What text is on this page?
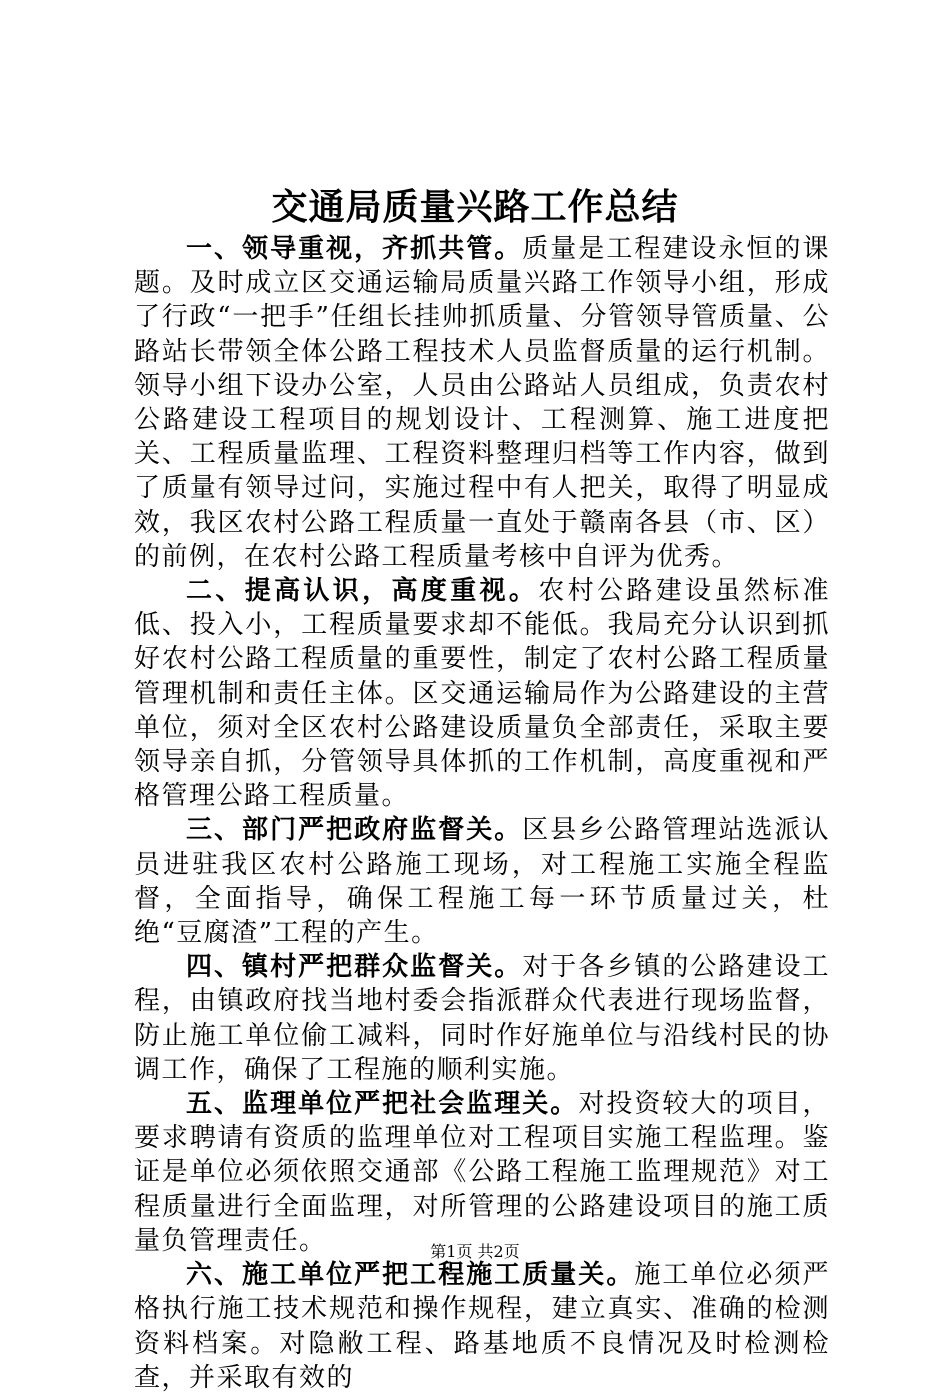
交通局质量兴路工作总结

一、领导重视，齐抓共管。质量是工程建设永恒的课题。及时成立区交通运输局质量兴路工作领导小组，形成了行政“一把手”任组长挂帅抓质量、分管领导管质量、公路站长带领全体公路工程技术人员监督质量的运行机制。领导小组下设办公室，人员由公路站人员组成，负责农村公路建设工程项目的规划设计、工程测算、施工进度把关、工程质量监理、工程资料整理归档等工作内容，做到了质量有领导过问，实施过程中有人把关，取得了明显成效，我区农村公路工程质量一直处于赣南各县（市、区）的前例，在农村公路工程质量考核中自评为优秀。

二、提高认识，高度重视。农村公路建设虽然标准低、投入小，工程质量要求却不能低。我局充分认识到抓好农村公路工程质量的重要性，制定了农村公路工程质量管理机制和责任主体。区交通运输局作为公路建设的主营单位，须对全区农村公路建设质量负全部责任，采取主要领导亲自抓，分管领导具体抓的工作机制，高度重视和严格管理公路工程质量。

三、部门严把政府监督关。区县乡公路管理站选派认员进驻我区农村公路施工现场，对工程施工实施全程监督，全面指导，确保工程施工每一环节质量过关，杜绝“豆腐渣”工程的产生。

四、镇村严把群众监督关。对于各乡镇的公路建设工程，由镇政府找当地村委会指派群众代表进行现场监督，防止施工单位偷工减料，同时作好施单位与沿线村民的协调工作，确保了工程施的顺利实施。

五、监理单位严把社会监理关。对投资较大的项目，要求聘请有资质的监理单位对工程项目实施工程监理。鉴证是单位必须依照交通部《公路工程施工监理规范》对工程质量进行全面监理，对所管理的公路建设项目的施工质量负管理责任。

六、施工单位严把工程施工质量关。施工单位必须严格执行施工技术规范和操作规程，建立真实、准确的检测资料档案。对隐敝工程、路基地质不良情况及时检测检查，并采取有效的

第1页 共2页
